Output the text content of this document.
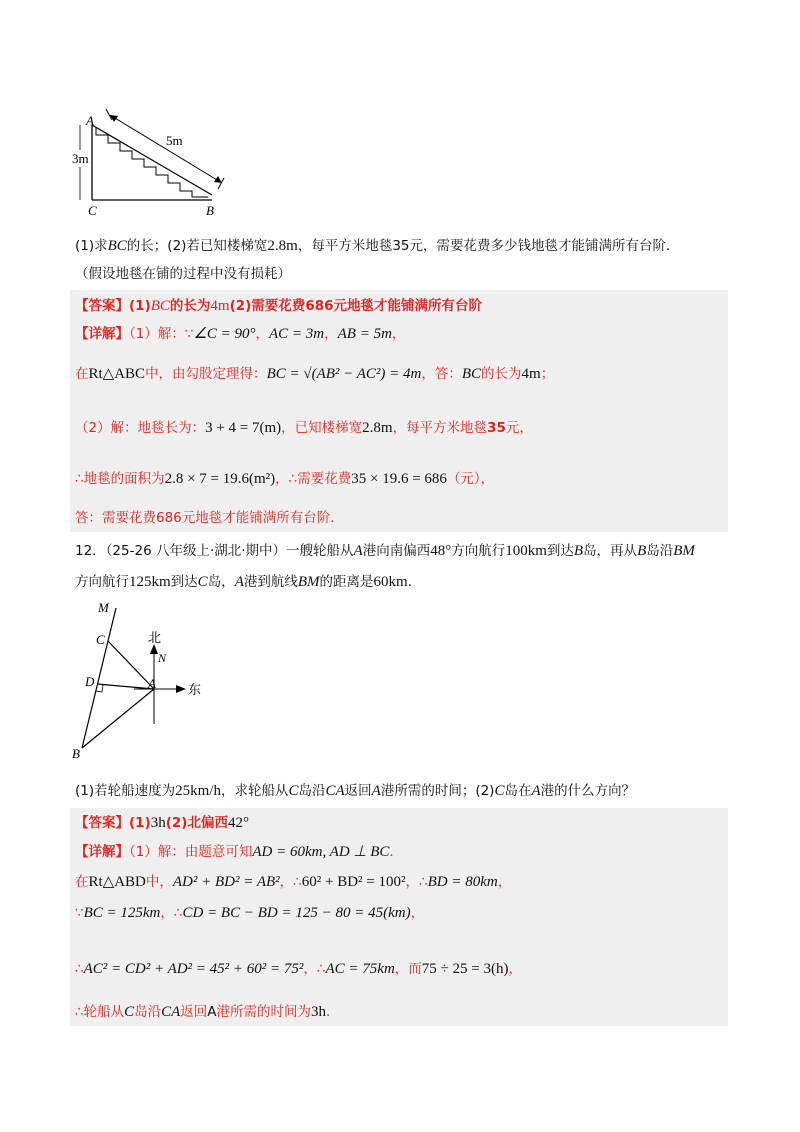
A
B
C
3m
5m
(1)求BC的长；(2)若已知楼梯宽2.8m，每平方米地毯35元，需要花费多少钱地毯才能铺满所有台阶．
（假设地毯在铺的过程中没有损耗）
【答案】(1)BC的长为4m(2)需要花费686元地毯才能铺满所有台阶
【详解】（1）解：∵∠C = 90°，AC = 3m，AB = 5m，
在Rt△ABC中，由勾股定理得：BC = √(AB² − AC²) = 4m，答：BC的长为4m；
（2）解：地毯长为：3 + 4 = 7(m)，已知楼梯宽2.8m，每平方米地毯35元，
∴地毯的面积为2.8 × 7 = 19.6(m²)，∴需要花费35 × 19.6 = 686（元），
答：需要花费686元地毯才能铺满所有台阶．
12．（25-26 八年级上·湖北·期中）一艘轮船从A港向南偏西48°方向航行100km到达B岛，再从B岛沿BM
方向航行125km到达C岛，A港到航线BM的距离是60km．
M
C
D	A
B
N
北
东
(1)若轮船速度为25km/h，求轮船从C岛沿CA返回A港所需的时间；(2)C岛在A港的什么方向？
【答案】(1)3h(2)北偏西42°
【详解】（1）解：由题意可知AD = 60km, AD ⊥ BC．
在Rt△ABD中，AD² + BD² = AB²，∴60² + BD² = 100²，∴BD = 80km，
∵BC = 125km，∴CD = BC − BD = 125 − 80 = 45(km)，
∴AC² = CD² + AD² = 45² + 60² = 75²，∴AC = 75km，而75 ÷ 25 = 3(h)，
∴轮船从C岛沿CA返回A港所需的时间为3h．
